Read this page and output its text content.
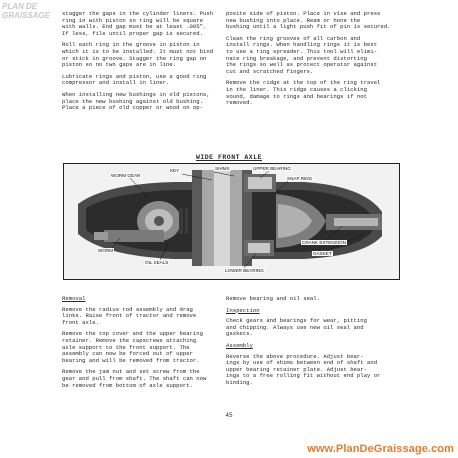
PLAN DE
GRAISSAGE	stagger the gaps in the cylinder liners. Push
ring in with piston so ring will be square
with walls. End gap must be at least .005".
If less, file until proper gap is secured.

Roll each ring in the groove in piston in
which it is to be installed. It must not bind
or stick in groove. Stagger the ring gap on
piston so no two gaps are in line.

Lubricate rings and piston, use a good ring
compressor and install in liner.

When installing new bushings in old pistons,
place the new bushing against old bushing.
Place a piece of old copper or wood on op-

posite side of piston. Place in vise and press
new bushing into place. Ream or hone the
bushing until a light push fit of pin is secured.

Clean the ring grooves of all carbon and
install rings. When handling rings it is best
to use a ring spreader. This tool will elimi-
nate ring breakage, and prevent distorting
the rings so well as protect operator against
cut and scratched fingers.

Remove the ridge at the top of the ring travel
in the liner. This ridge causes a clicking
sound, damage to rings and bearings if not
removed.

WIDE FRONT AXLE
KEY	SHIMS	UPPER BEARING
WORM GEAR
SNAP RING
WORM
OIL SEALS
LOWER BEARING
CRANK EXTENSION
GASKET

Removal

Remove the radius rod assembly and drag
links. Raise front of tractor and remove
front axle.

Remove the top cover and the upper bearing
retainer. Remove the capscrews attaching
axle support to the front support. The
assembly can now be forced out of upper
bearing and will be removed from tractor.

Remove the jam nut and set screw from the
gear and pull from shaft. The shaft can now
be removed from bottom of axle support.

Remove bearing and oil seal.

Inspection

Check gears and bearings for wear, pitting
and chipping. Always use new oil seal and
gaskets.

Assembly

Reverse the above procedure. Adjust bear-
ings by use of shims between end of shaft and
upper bearing retainer plate. Adjust bear-
ings to a free rolling fit without end play or
binding.

45
www.PlanDeGraissage.com
